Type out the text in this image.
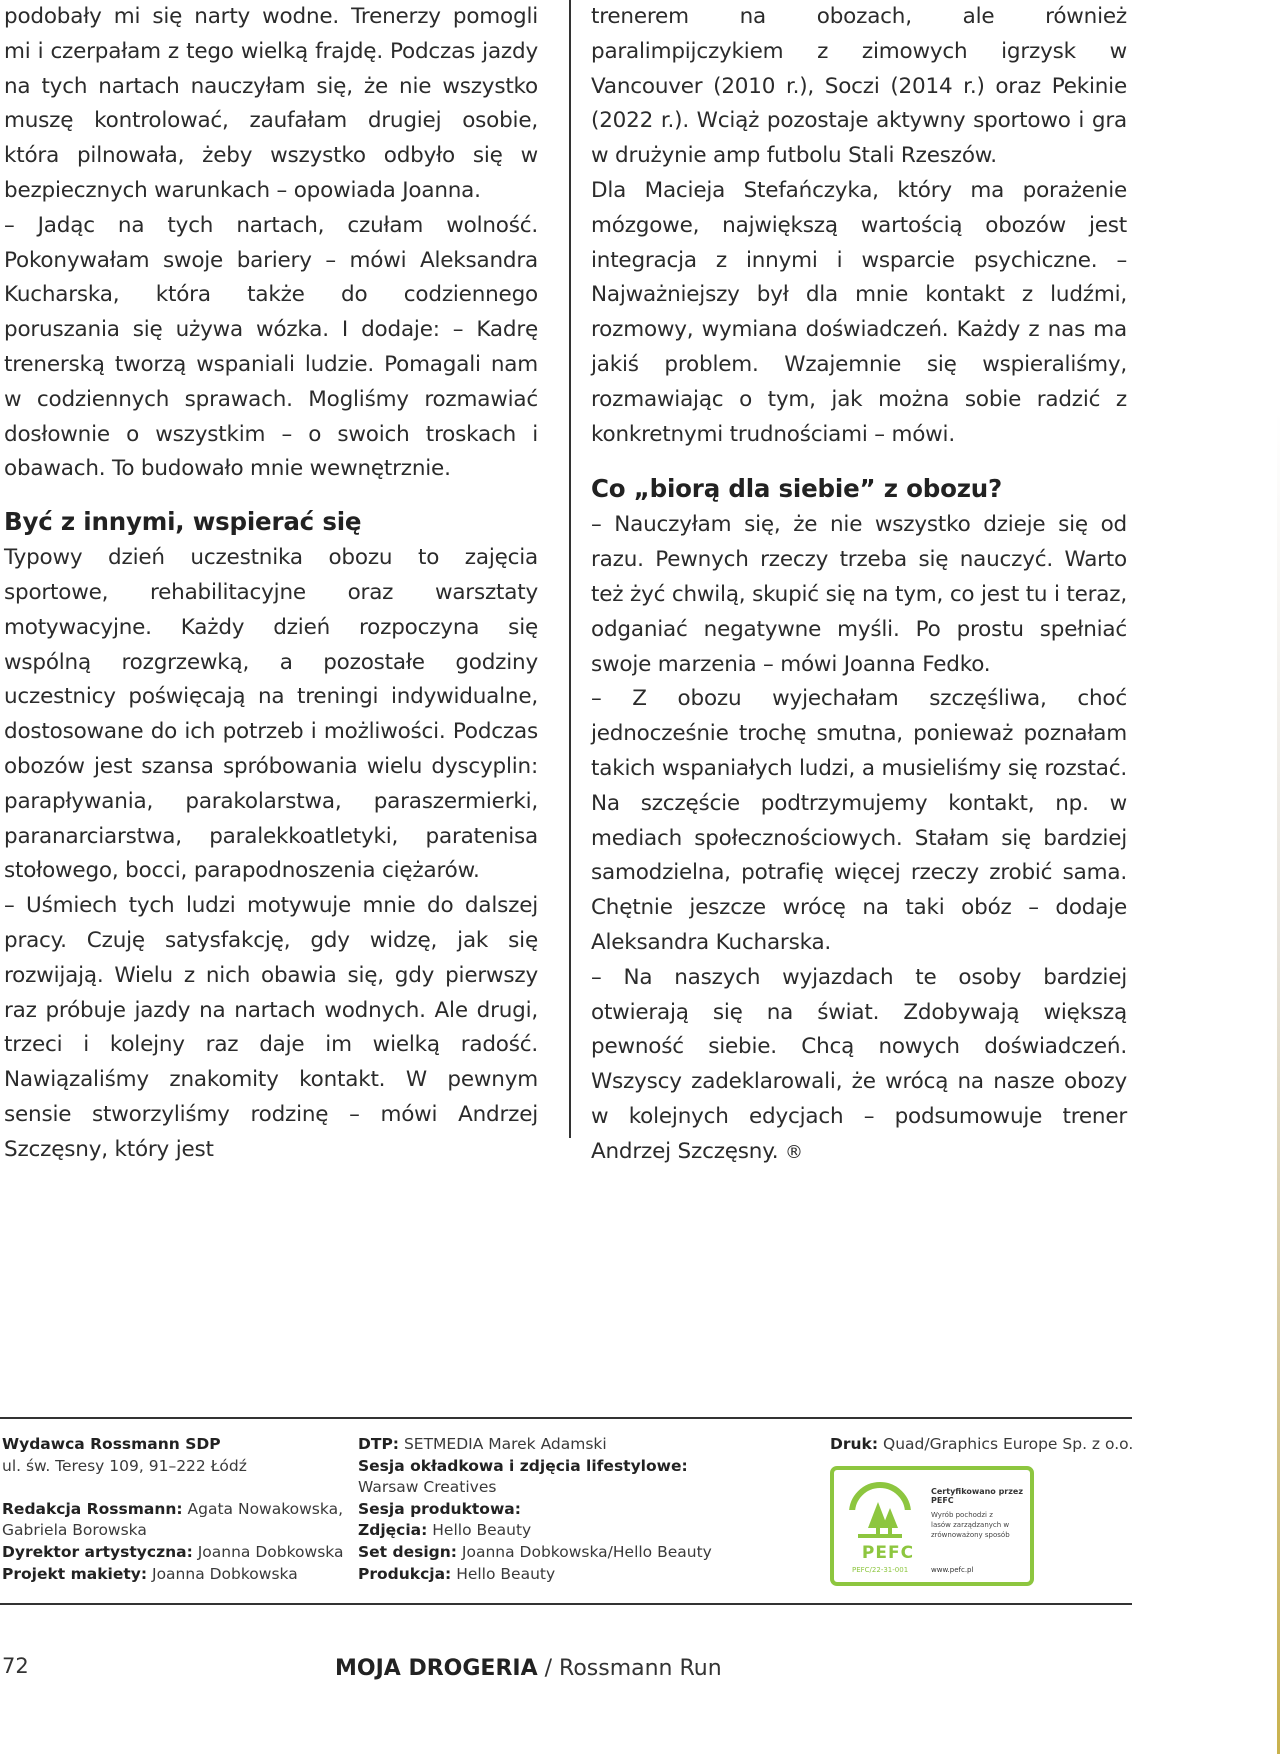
podobały mi się narty wodne. Trenerzy pomogli mi i czerpałam z tego wielką frajdę. Podczas jazdy na tych nartach nauczyłam się, że nie wszystko muszę kontrolować, zaufałam drugiej osobie, która pilnowała, żeby wszystko odbyło się w bezpiecznych warunkach – opowiada Joanna.

– Jadąc na tych nartach, czułam wolność. Pokonywałam swoje bariery – mówi Aleksandra Kucharska, która także do codziennego poruszania się używa wózka. I dodaje: – Kadrę trenerską tworzą wspaniali ludzie. Pomagali nam w codziennych sprawach. Mogliśmy rozmawiać dosłownie o wszystkim – o swoich troskach i obawach. To budowało mnie wewnętrznie.

Być z innymi, wspierać się

Typowy dzień uczestnika obozu to zajęcia sportowe, rehabilitacyjne oraz warsztaty motywacyjne. Każdy dzień rozpoczyna się wspólną rozgrzewką, a pozostałe godziny uczestnicy poświęcają na treningi indywidualne, dostosowane do ich potrzeb i możliwości. Podczas obozów jest szansa spróbowania wielu dyscyplin: parapływania, parakolarstwa, paraszermierki, paranarciarstwa, paralekkoatletyki, paratenisa stołowego, bocci, parapodnoszenia ciężarów.

– Uśmiech tych ludzi motywuje mnie do dalszej pracy. Czuję satysfakcję, gdy widzę, jak się rozwijają. Wielu z nich obawia się, gdy pierwszy raz próbuje jazdy na nartach wodnych. Ale drugi, trzeci i kolejny raz daje im wielką radość. Nawiązaliśmy znakomity kontakt. W pewnym sensie stworzyliśmy rodzinę – mówi Andrzej Szczęsny, który jest

trenerem na obozach, ale również paralimpijczykiem z zimowych igrzysk w Vancouver (2010 r.), Soczi (2014 r.) oraz Pekinie (2022 r.). Wciąż pozostaje aktywny sportowo i gra w drużynie amp futbolu Stali Rzeszów.

Dla Macieja Stefańczyka, który ma porażenie mózgowe, największą wartością obozów jest integracja z innymi i wsparcie psychiczne. – Najważniejszy był dla mnie kontakt z ludźmi, rozmowy, wymiana doświadczeń. Każdy z nas ma jakiś problem. Wzajemnie się wspieraliśmy, rozmawiając o tym, jak można sobie radzić z konkretnymi trudnościami – mówi.

Co „biorą dla siebie” z obozu?

– Nauczyłam się, że nie wszystko dzieje się od razu. Pewnych rzeczy trzeba się nauczyć. Warto też żyć chwilą, skupić się na tym, co jest tu i teraz, odganiać negatywne myśli. Po prostu spełniać swoje marzenia – mówi Joanna Fedko.

– Z obozu wyjechałam szczęśliwa, choć jednocześnie trochę smutna, ponieważ poznałam takich wspaniałych ludzi, a musieliśmy się rozstać. Na szczęście podtrzymujemy kontakt, np. w mediach społecznościowych. Stałam się bardziej samodzielna, potrafię więcej rzeczy zrobić sama. Chętnie jeszcze wrócę na taki obóz – dodaje Aleksandra Kucharska.

– Na naszych wyjazdach te osoby bardziej otwierają się na świat. Zdobywają większą pewność siebie. Chcą nowych doświadczeń. Wszyscy zadeklarowali, że wrócą na nasze obozy w kolejnych edycjach – podsumowuje trener Andrzej Szczęsny. ®

Wydawca Rossmann SDP
ul. św. Teresy 109, 91–222 Łódź
Redakcja Rossmann: Agata Nowakowska,
Gabriela Borowska
Dyrektor artystyczna: Joanna Dobkowska
Projekt makiety: Joanna Dobkowska
DTP: SETMEDIA Marek Adamski
Sesja okładkowa i zdjęcia lifestylowe:
Warsaw Creatives
Sesja produktowa:
Zdjęcia: Hello Beauty
Set design: Joanna Dobkowska/Hello Beauty
Produkcja: Hello Beauty
Druk: Quad/Graphics Europe Sp. z o.o.
PEFC
PEFC/22-31-001
Certyfikowano przez PEFC
Wyrób pochodzi z lasów zarządzanych w zrównoważony sposób
www.pefc.pl
72	MOJA DROGERIA / Rossmann Run
